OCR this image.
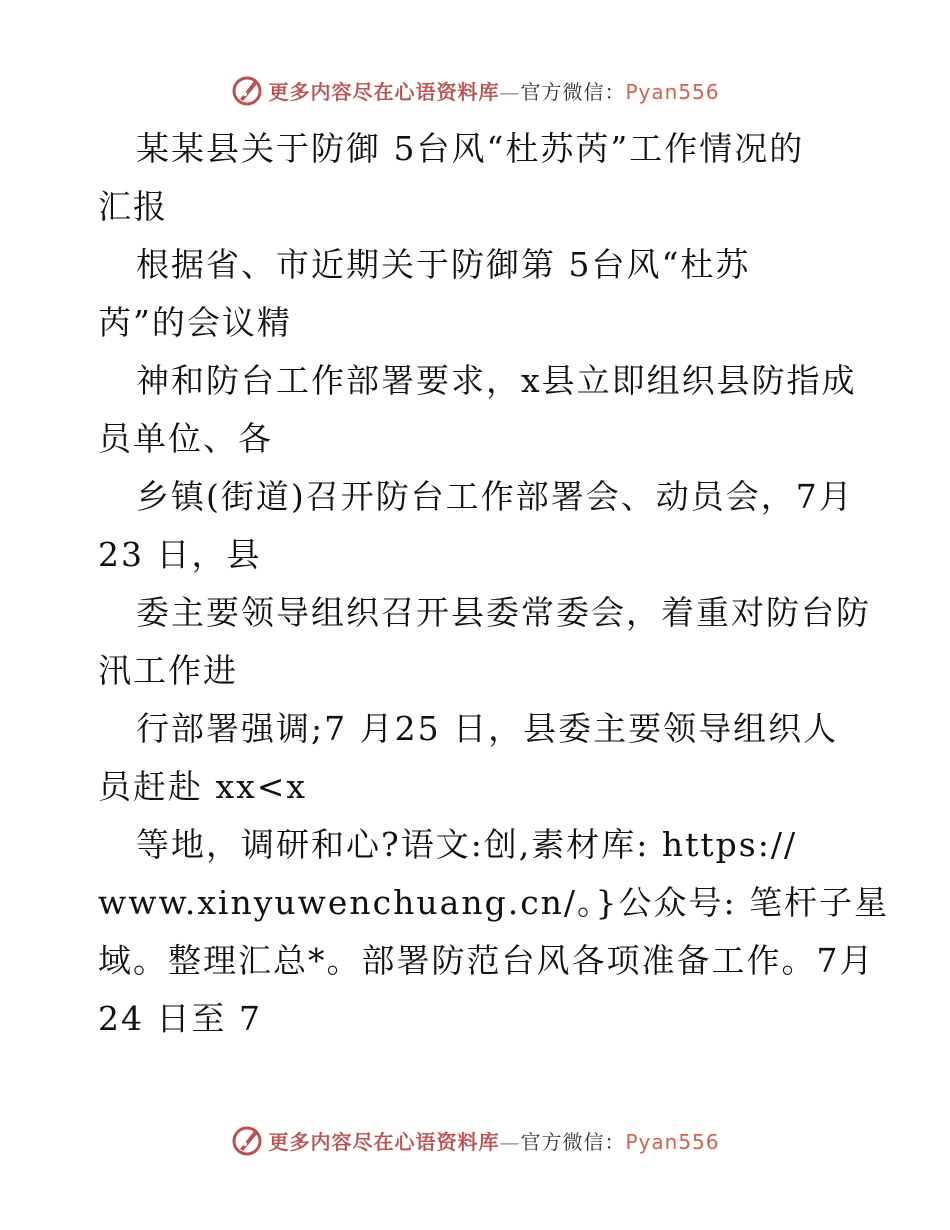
更多内容尽在心语资料库—官方微信：Pyan556
某某县关于防御 5台风“杜苏芮”工作情况的
汇报
根据省、市近期关于防御第 5台风“杜苏
芮”的会议精
神和防台工作部署要求，x县立即组织县防指成
员单位、各
乡镇(街道)召开防台工作部署会、动员会，7月
23 日，县
委主要领导组织召开县委常委会，着重对防台防
汛工作进
行部署强调;7 月25 日，县委主要领导组织人
员赶赴 xx<x
等地，调研和心?语文:创,素材库: https://
www.xinyuwenchuang.cn/。}公众号: 笔杆子星
域。整理汇总*。部署防范台风各项准备工作。7月
24 日至 7
更多内容尽在心语资料库—官方微信：Pyan556
